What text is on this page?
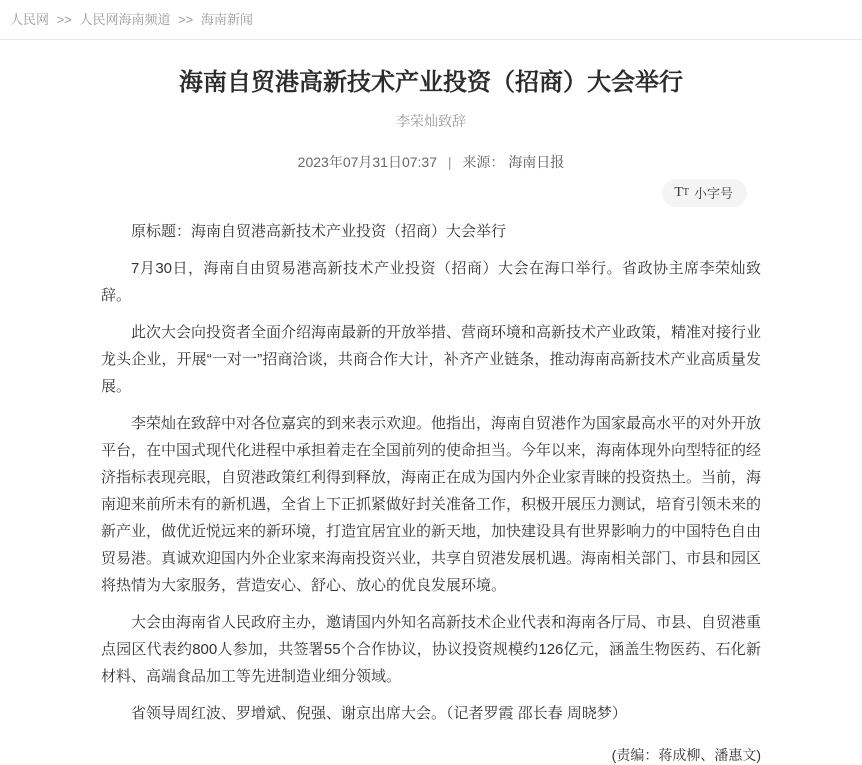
人民网 >> 人民网海南频道 >> 海南新闻
海南自贸港高新技术产业投资（招商）大会举行
李荣灿致辞
2023年07月31日07:37 | 来源： 海南日报
T T 小字号

原标题：海南自贸港高新技术产业投资（招商）大会举行

7月30日，海南自由贸易港高新技术产业投资（招商）大会在海口举行。省政协主席李荣灿致辞。

此次大会向投资者全面介绍海南最新的开放举措、营商环境和高新技术产业政策，精准对接行业龙头企业，开展“一对一”招商洽谈，共商合作大计，补齐产业链条，推动海南高新技术产业高质量发展。

李荣灿在致辞中对各位嘉宾的到来表示欢迎。他指出，海南自贸港作为国家最高水平的对外开放平台，在中国式现代化进程中承担着走在全国前列的使命担当。今年以来，海南体现外向型特征的经济指标表现亮眼，自贸港政策红利得到释放，海南正在成为国内外企业家青睐的投资热土。当前，海南迎来前所未有的新机遇，全省上下正抓紧做好封关准备工作，积极开展压力测试，培育引领未来的新产业，做优近悦远来的新环境，打造宜居宜业的新天地，加快建设具有世界影响力的中国特色自由贸易港。真诚欢迎国内外企业家来海南投资兴业，共享自贸港发展机遇。海南相关部门、市县和园区将热情为大家服务，营造安心、舒心、放心的优良发展环境。

大会由海南省人民政府主办，邀请国内外知名高新技术企业代表和海南各厅局、市县、自贸港重点园区代表约800人参加，共签署55个合作协议，协议投资规模约126亿元，涵盖生物医药、石化新材料、高端食品加工等先进制造业细分领域。

省领导周红波、罗增斌、倪强、谢京出席大会。（记者罗霞 邵长春 周晓梦）

(责编：蒋成柳、潘惠文)
